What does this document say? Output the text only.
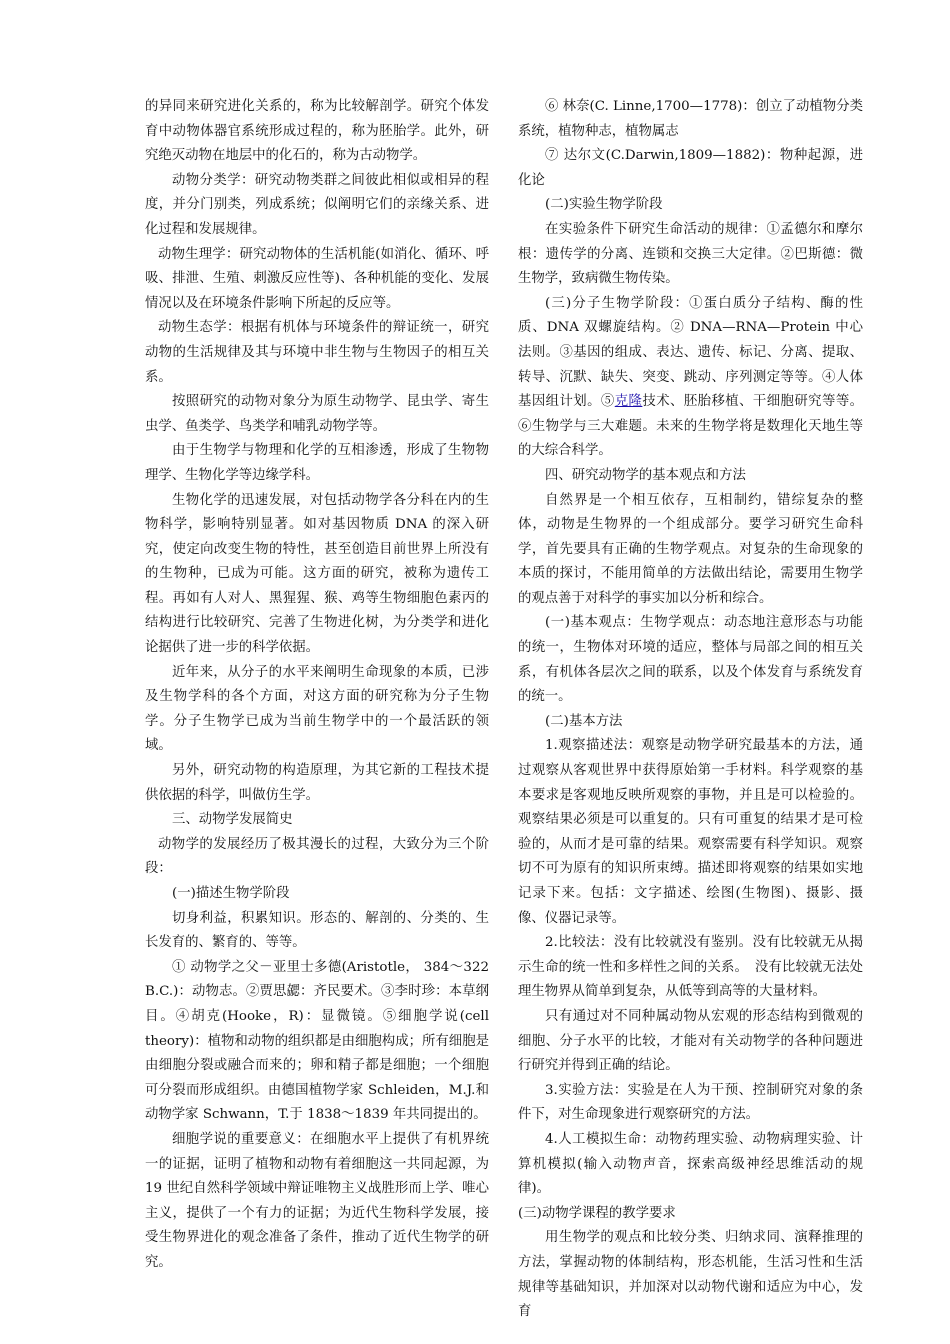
的异同来研究进化关系的，称为比较解剖学。研究个体发育中动物体器官系统形成过程的，称为胚胎学。此外，研究绝灭动物在地层中的化石的，称为古动物学。

动物分类学：研究动物类群之间彼此相似或相异的程度，并分门别类，列成系统；似阐明它们的亲缘关系、进化过程和发展规律。

动物生理学：研究动物体的生活机能(如消化、循环、呼吸、排泄、生殖、刺激反应性等)、各种机能的变化、发展情况以及在环境条件影响下所起的反应等。

动物生态学：根据有机体与环境条件的辩证统一，研究动物的生活规律及其与环境中非生物与生物因子的相互关系。

按照研究的动物对象分为原生动物学、昆虫学、寄生虫学、鱼类学、鸟类学和哺乳动物学等。

由于生物学与物理和化学的互相渗透，形成了生物物理学、生物化学等边缘学科。

生物化学的迅速发展，对包括动物学各分科在内的生物科学，影响特别显著。如对基因物质 DNA 的深入研究，使定向改变生物的特性，甚至创造目前世界上所没有的生物种，已成为可能。这方面的研究，被称为遗传工程。再如有人对人、黑猩猩、猴、鸡等生物细胞色素丙的结构进行比较研究、完善了生物进化树，为分类学和进化论据供了进一步的科学依据。

近年来，从分子的水平来阐明生命现象的本质，已涉及生物学科的各个方面，对这方面的研究称为分子生物学。分子生物学已成为当前生物学中的一个最活跃的领域。

另外，研究动物的构造原理，为其它新的工程技术提供依据的科学，叫做仿生学。

三、动物学发展简史

动物学的发展经历了极其漫长的过程，大致分为三个阶段：

(一)描述生物学阶段

切身利益，积累知识。形态的、解剖的、分类的、生长发育的、繁育的、等等。

① 动物学之父－亚里士多德(Aristotle， 384～322 B.C.)：动物志。②贾思勰：齐民要术。③李时珍：本草纲目。④胡克(Hooke，R)：显微镜。⑤细胞学说(cell theory)：植物和动物的组织都是由细胞构成；所有细胞是由细胞分裂或融合而来的；卵和精子都是细胞；一个细胞可分裂而形成组织。由德国植物学家 Schleiden，M.J.和动物学家 Schwann，T.于 1838～1839 年共同提出的。

细胞学说的重要意义：在细胞水平上提供了有机界统一的证据，证明了植物和动物有着细胞这一共同起源，为 19 世纪自然科学领域中辩证唯物主义战胜形而上学、唯心主义，提供了一个有力的证据；为近代生物科学发展，接受生物界进化的观念准备了条件，推动了近代生物学的研究。

⑥ 林奈(C. Linne,1700—1778)：创立了动植物分类系统，植物种志，植物属志

⑦ 达尔文(C.Darwin,1809—1882)：物种起源，进化论

(二)实验生物学阶段

在实验条件下研究生命活动的规律：①孟德尔和摩尔根：遗传学的分离、连锁和交换三大定律。②巴斯德：微生物学，致病微生物传染。

(三)分子生物学阶段：①蛋白质分子结构、酶的性质、DNA 双螺旋结构。② DNA—RNA—Protein 中心法则。③基因的组成、表达、遗传、标记、分离、提取、转导、沉默、缺失、突变、跳动、序列测定等等。④人体基因组计划。⑤克隆技术、胚胎移植、干细胞研究等等。⑥生物学与三大难题。未来的生物学将是数理化天地生等的大综合科学。

四、研究动物学的基本观点和方法

自然界是一个相互依存，互相制约，错综复杂的整体，动物是生物界的一个组成部分。要学习研究生命科学，首先要具有正确的生物学观点。对复杂的生命现象的本质的探讨，不能用简单的方法做出结论，需要用生物学的观点善于对科学的事实加以分析和综合。

(一)基本观点：生物学观点：动态地注意形态与功能的统一，生物体对环境的适应，整体与局部之间的相互关系，有机体各层次之间的联系，以及个体发育与系统发育的统一。

(二)基本方法

1.观察描述法：观察是动物学研究最基本的方法，通过观察从客观世界中获得原始第一手材料。科学观察的基本要求是客观地反映所观察的事物，并且是可以检验的。观察结果必须是可以重复的。只有可重复的结果才是可检验的，从而才是可靠的结果。观察需要有科学知识。观察切不可为原有的知识所束缚。描述即将观察的结果如实地记录下来。包括：文字描述、绘图(生物图)、摄影、摄像、仪器记录等。

2.比较法：没有比较就没有鉴别。没有比较就无从揭示生命的统一性和多样性之间的关系。　没有比较就无法处理生物界从简单到复杂，从低等到高等的大量材料。

只有通过对不同种属动物从宏观的形态结构到微观的细胞、分子水平的比较，才能对有关动物学的各种问题进行研究并得到正确的结论。

3.实验方法：实验是在人为干预、控制研究对象的条件下，对生命现象进行观察研究的方法。

4.人工模拟生命：动物药理实验、动物病理实验、计算机模拟(输入动物声音，探索高级神经思维活动的规律)。

(三)动物学课程的教学要求

用生物学的观点和比较分类、归纳求同、演释推理的方法，掌握动物的体制结构，形态机能，生活习性和生活规律等基础知识，并加深对以动物代谢和适应为中心，发育
